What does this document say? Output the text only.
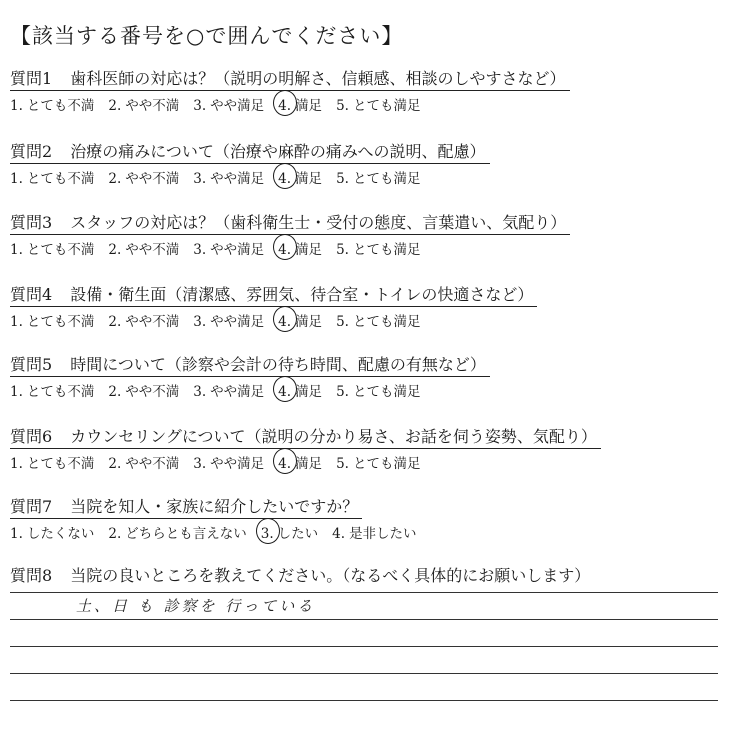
【該当する番号を○で囲んでください】
質問1 歯科医師の対応は？（説明の明解さ、信頼感、相談のしやすさなど）
1. とても不満 2. やや不満 3. やや満足 4. 満足 5. とても満足
質問2 治療の痛みについて（治療や麻酔の痛みへの説明、配慮）
1. とても不満 2. やや不満 3. やや満足 4. 満足 5. とても満足
質問3 スタッフの対応は？（歯科衛生士・受付の態度、言葉遣い、気配り）
1. とても不満 2. やや不満 3. やや満足 4. 満足 5. とても満足
質問4 設備・衛生面（清潔感、雰囲気、待合室・トイレの快適さなど）
1. とても不満 2. やや不満 3. やや満足 4. 満足 5. とても満足
質問5 時間について（診察や会計の待ち時間、配慮の有無など）
1. とても不満 2. やや不満 3. やや満足 4. 満足 5. とても満足
質問6 カウンセリングについて（説明の分かり易さ、お話を伺う姿勢、気配り）
1. とても不満 2. やや不満 3. やや満足 4. 満足 5. とても満足
質問7 当院を知人・家族に紹介したいですか？
1. したくない 2. どちらとも言えない 3. したい 4. 是非したい
質問8 当院の良いところを教えてください。（なるべく具体的にお願いします）
土、日 も 診察を 行っている
